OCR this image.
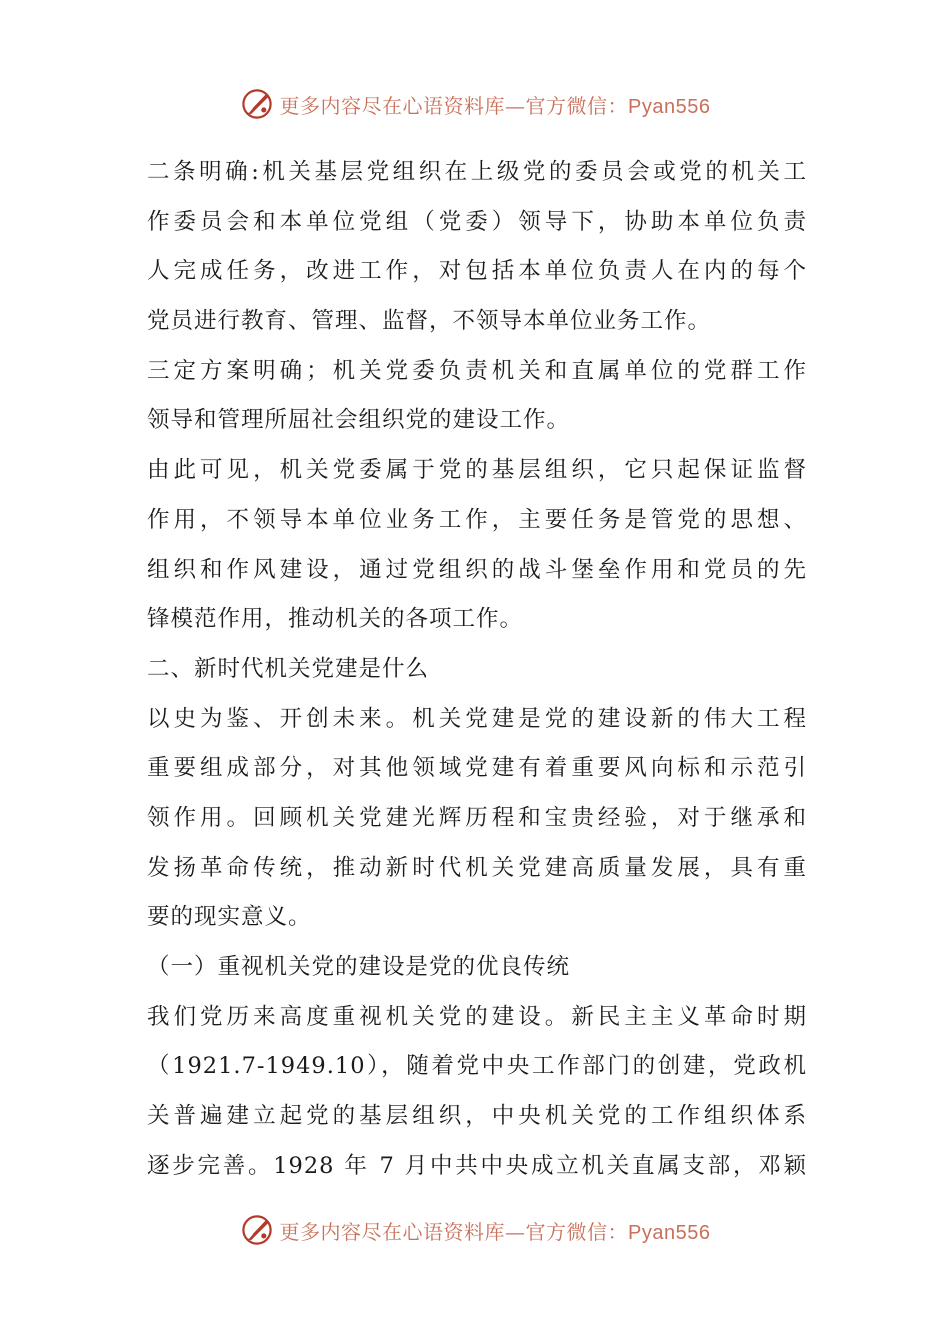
更多内容尽在心语资料库—官方微信：Pyan556
二条明确:机关基层党组织在上级党的委员会或党的机关工
作委员会和本单位党组（党委）领导下，协助本单位负责
人完成任务，改进工作，对包括本单位负责人在内的每个
党员进行教育、管理、监督，不领导本单位业务工作。
三定方案明确；机关党委负责机关和直属单位的党群工作
领导和管理所屈社会组织党的建设工作。
由此可见，机关党委属于党的基层组织，它只起保证监督
作用，不领导本单位业务工作，主要任务是管党的思想、
组织和作风建设，通过党组织的战斗堡垒作用和党员的先
锋模范作用，推动机关的各项工作。
二、新时代机关党建是什么
以史为鉴、开创未来。机关党建是党的建设新的伟大工程
重要组成部分，对其他领域党建有着重要风向标和示范引
领作用。回顾机关党建光辉历程和宝贵经验，对于继承和
发扬革命传统，推动新时代机关党建高质量发展，具有重
要的现实意义。
（一）重视机关党的建设是党的优良传统
我们党历来高度重视机关党的建设。新民主主义革命时期
（1921.7-1949.10），随着党中央工作部门的创建，党政机
关普遍建立起党的基层组织，中央机关党的工作组织体系
逐步完善。1928 年 7 月中共中央成立机关直属支部，邓颖
更多内容尽在心语资料库—官方微信：Pyan556
